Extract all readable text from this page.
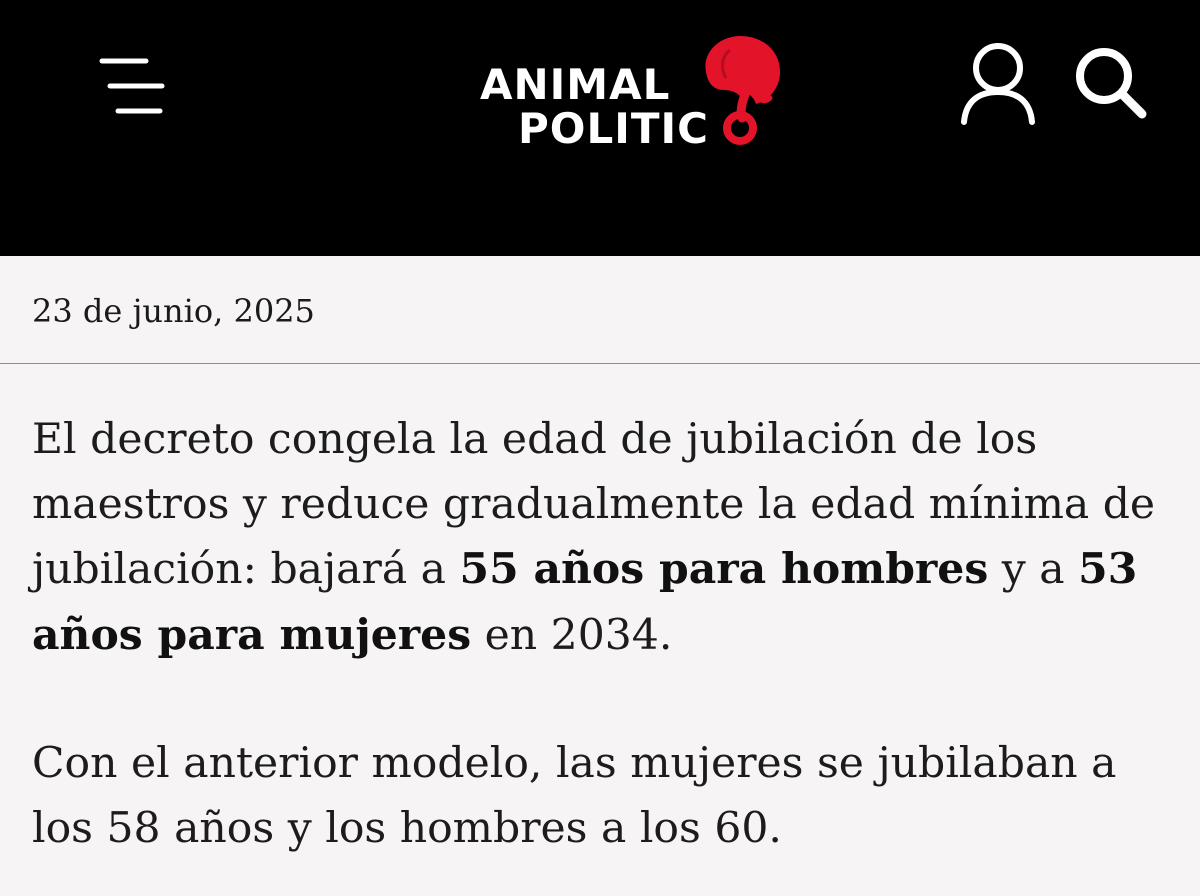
ANIMAL
POLITIC
23 de junio, 2025

El decreto congela la edad de jubilación de los
maestros y reduce gradualmente la edad mínima de
jubilación: bajará a 55 años para hombres y a 53
años para mujeres en 2034.

Con el anterior modelo, las mujeres se jubilaban a
los 58 años y los hombres a los 60.
